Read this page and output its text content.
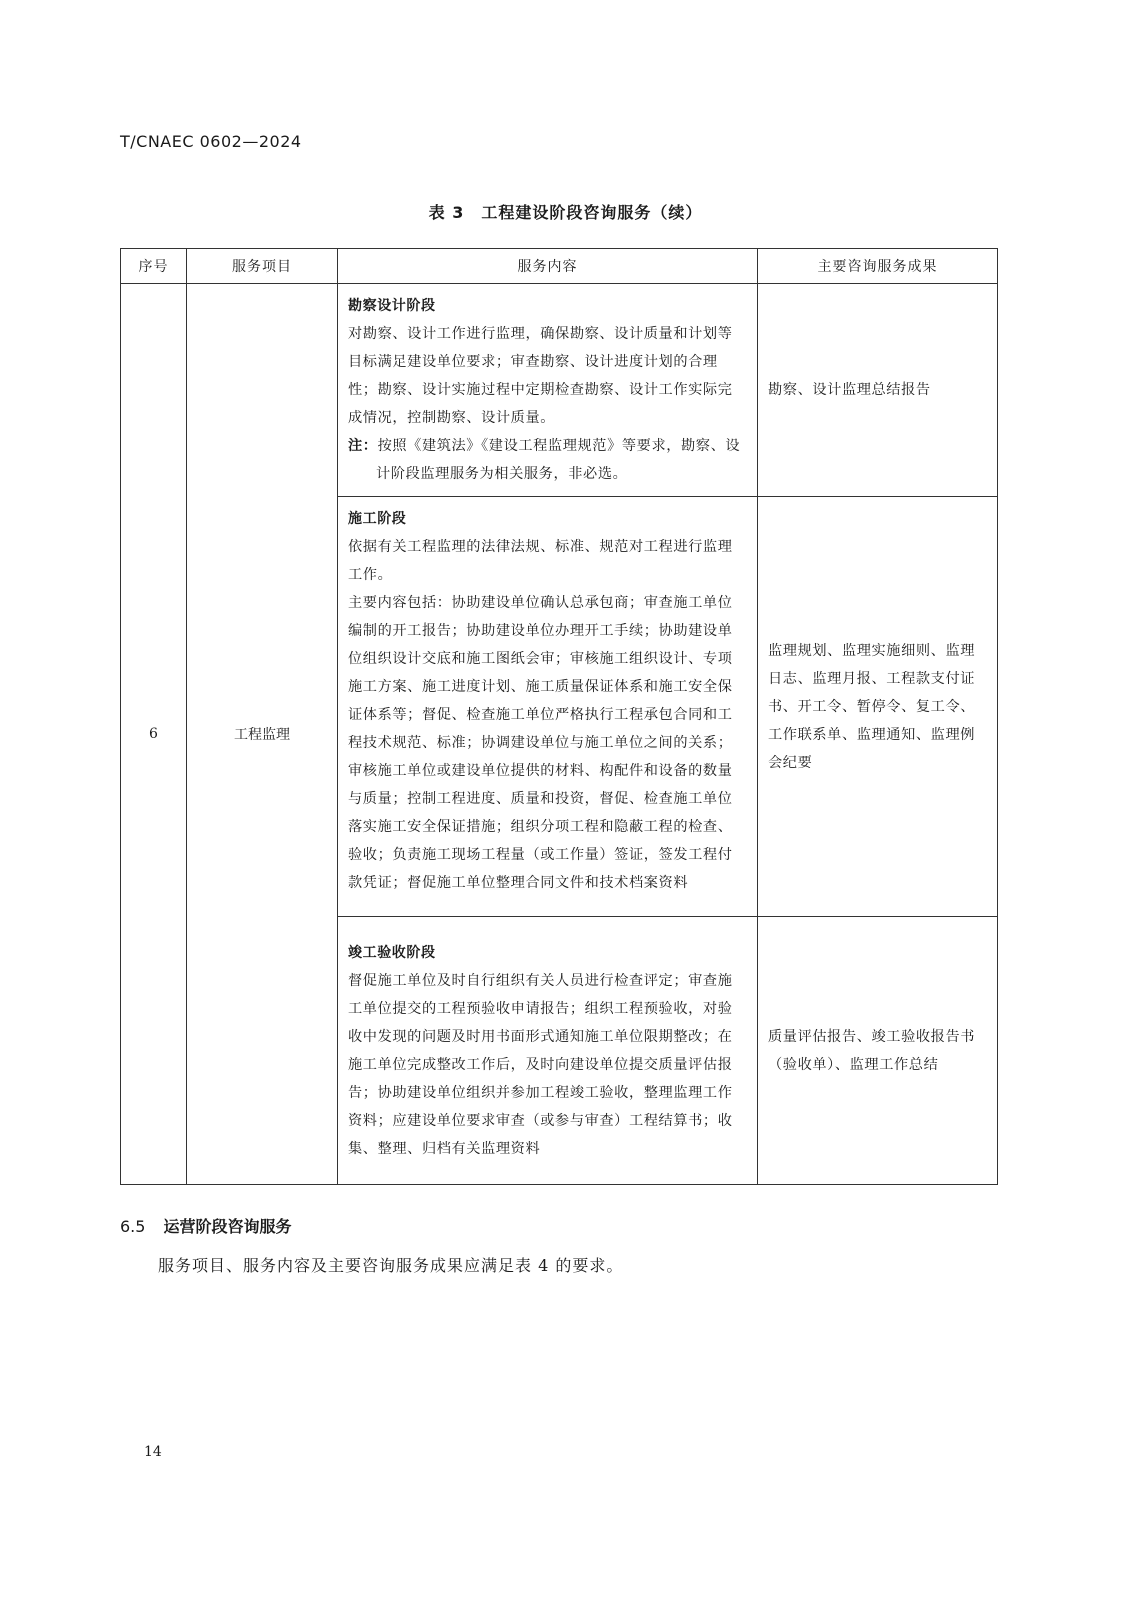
T/CNAEC 0602—2024
表 3　工程建设阶段咨询服务（续）
序号	服务项目	服务内容	主要咨询服务成果
6	工程监理	勘察设计阶段
对勘察、设计工作进行监理，确保勘察、设计质量和计划等目标满足建设单位要求；审查勘察、设计进度计划的合理性；勘察、设计实施过程中定期检查勘察、设计工作实际完成情况，控制勘察、设计质量。
注：按照《建筑法》《建设工程监理规范》等要求，勘察、设计阶段监理服务为相关服务，非必选。	勘察、设计监理总结报告

		施工阶段
依据有关工程监理的法律法规、标准、规范对工程进行监理工作。
主要内容包括：协助建设单位确认总承包商；审查施工单位编制的开工报告；协助建设单位办理开工手续；协助建设单位组织设计交底和施工图纸会审；审核施工组织设计、专项施工方案、施工进度计划、施工质量保证体系和施工安全保证体系等；督促、检查施工单位严格执行工程承包合同和工程技术规范、标准；协调建设单位与施工单位之间的关系；审核施工单位或建设单位提供的材料、构配件和设备的数量与质量；控制工程进度、质量和投资，督促、检查施工单位落实施工安全保证措施；组织分项工程和隐蔽工程的检查、验收；负责施工现场工程量（或工作量）签证，签发工程付款凭证；督促施工单位整理合同文件和技术档案资料	监理规划、监理实施细则、监理日志、监理月报、工程款支付证书、开工令、暂停令、复工令、工作联系单、监理通知、监理例会纪要

		竣工验收阶段
督促施工单位及时自行组织有关人员进行检查评定；审查施工单位提交的工程预验收申请报告；组织工程预验收，对验收中发现的问题及时用书面形式通知施工单位限期整改；在施工单位完成整改工作后，及时向建设单位提交质量评估报告；协助建设单位组织并参加工程竣工验收，整理监理工作资料；应建设单位要求审查（或参与审查）工程结算书；收集、整理、归档有关监理资料	质量评估报告、竣工验收报告书（验收单）、监理工作总结
6.5 运营阶段咨询服务
服务项目、服务内容及主要咨询服务成果应满足表 4 的要求。
14
